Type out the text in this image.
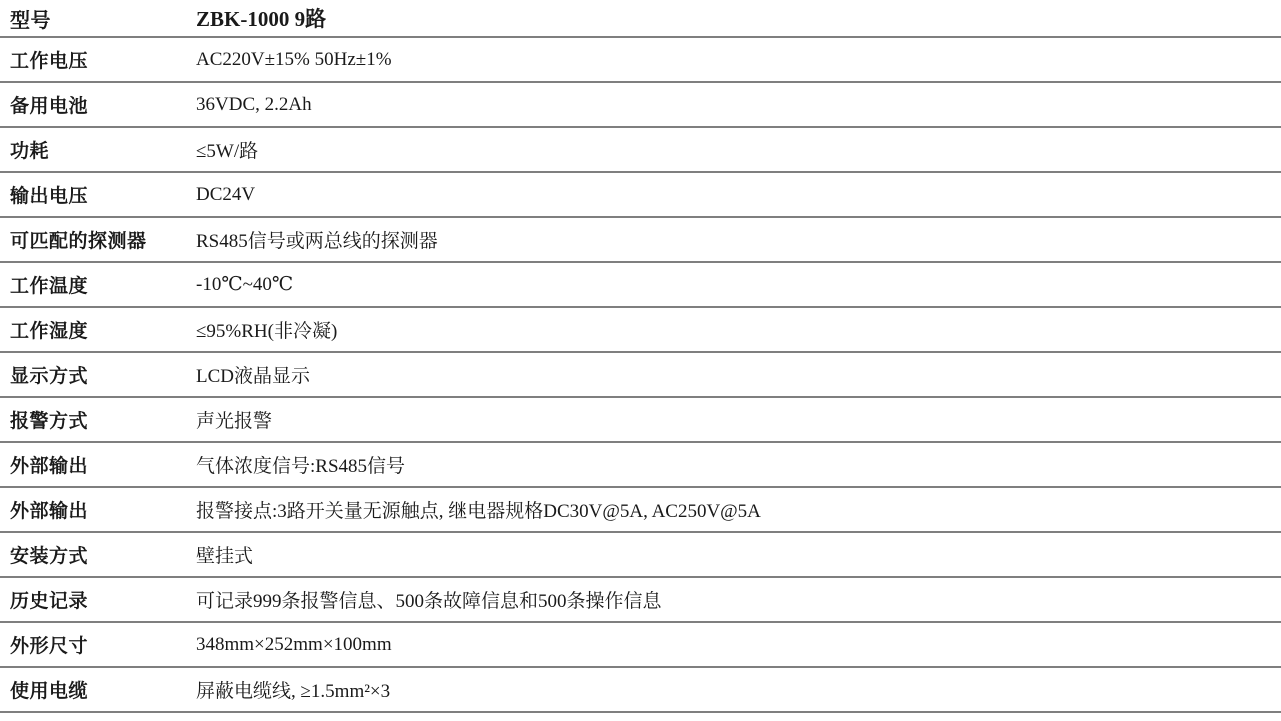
型号	ZBK-1000 9路
工作电压	AC220V±15% 50Hz±1%
备用电池	36VDC, 2.2Ah
功耗	≤5W/路
输出电压	DC24V
可匹配的探测器	RS485信号或两总线的探测器
工作温度	-10℃~40℃
工作湿度	≤95%RH(非冷凝)
显示方式	LCD液晶显示
报警方式	声光报警
外部输出	气体浓度信号:RS485信号
外部输出	报警接点:3路开关量无源触点, 继电器规格DC30V@5A, AC250V@5A
安装方式	壁挂式
历史记录	可记录999条报警信息、500条故障信息和500条操作信息
外形尺寸	348mm×252mm×100mm
使用电缆	屏蔽电缆线, ≥1.5mm²×3
